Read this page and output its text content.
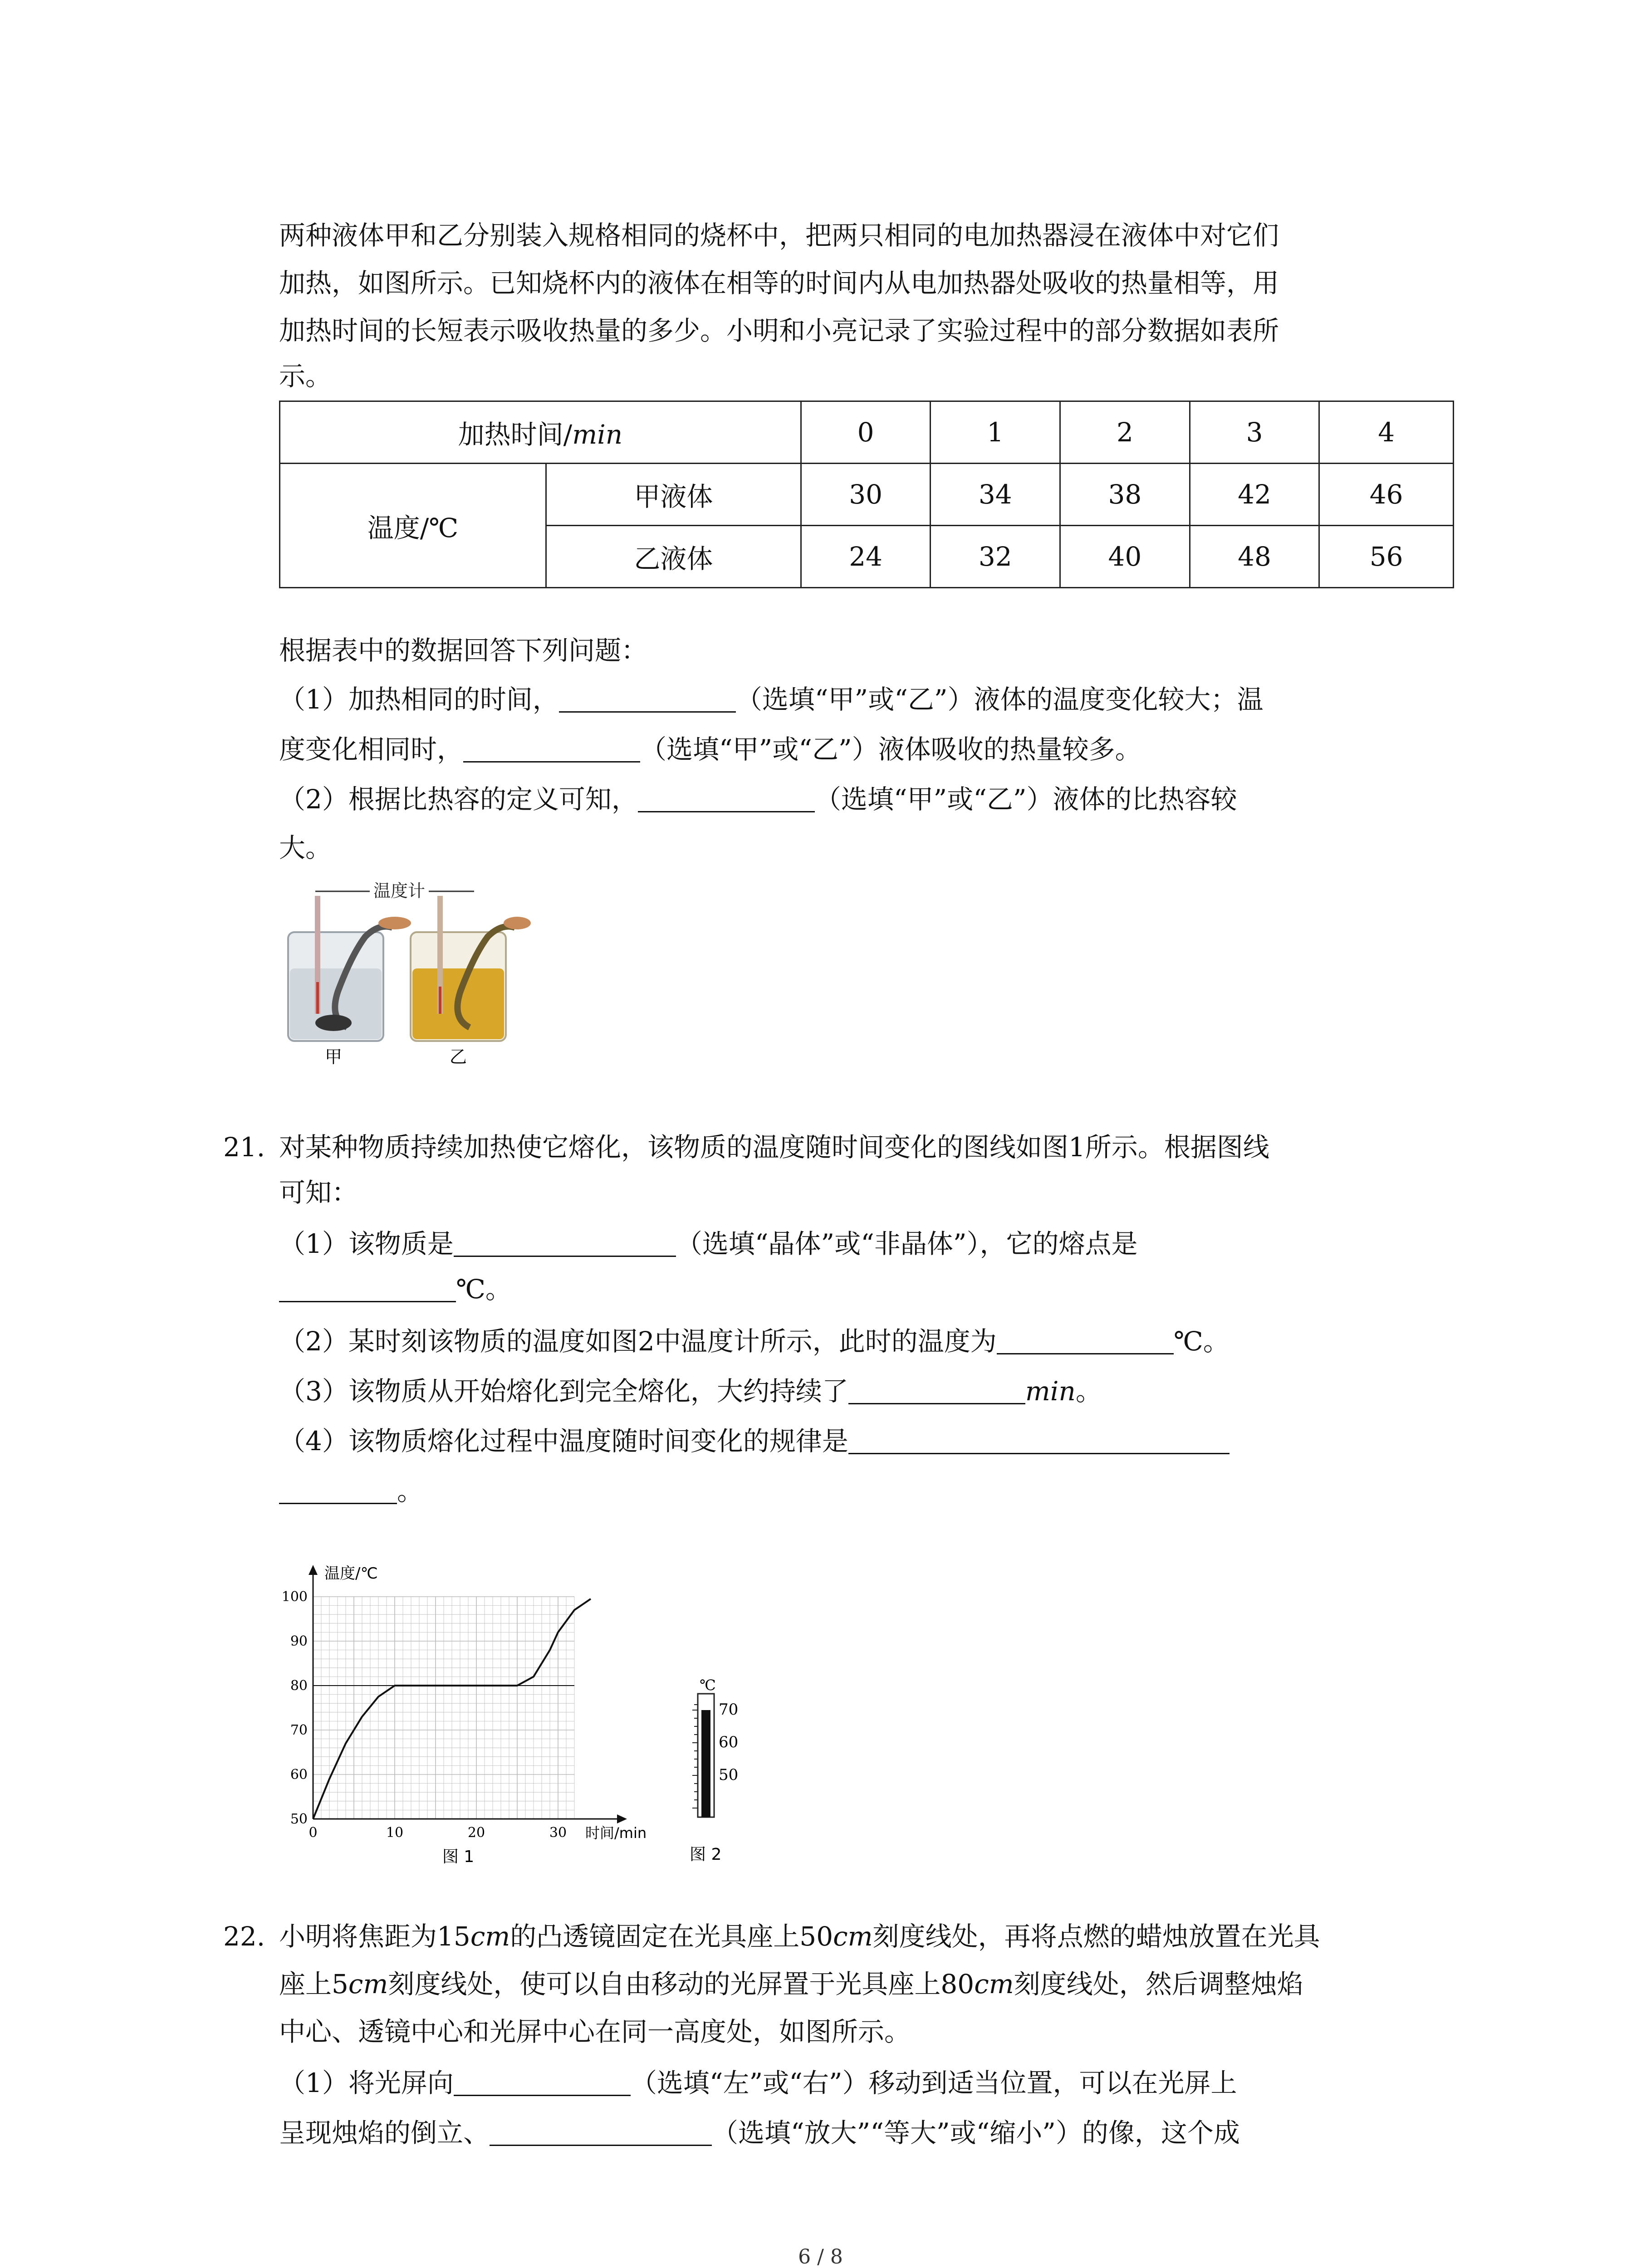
两种液体甲和乙分别装入规格相同的烧杯中，把两只相同的电加热器浸在液体中对它们
加热，如图所示。已知烧杯内的液体在相等的时间内从电加热器处吸收的热量相等，用
加热时间的长短表示吸收热量的多少。小明和小亮记录了实验过程中的部分数据如表所
示。
加热时间/min		0	1	2	3	4
温度/℃	甲液体	30	34	38	42	46
	乙液体	24	32	40	48	56
根据表中的数据回答下列问题：
（1）加热相同的时间，	（选填“甲”或“乙”）液体的温度变化较大；温
度变化相同时，	（选填“甲”或“乙”）液体吸收的热量较多。
（2）根据比热容的定义可知，	（选填“甲”或“乙”）液体的比热容较
大。
温度计
甲	乙
21. 对某种物质持续加热使它熔化，该物质的温度随时间变化的图线如图1所示。根据图线
可知：
（1）该物质是	（选填“晶体”或“非晶体”），它的熔点是
℃。
（2）某时刻该物质的温度如图2中温度计所示，此时的温度为	℃。
（3）该物质从开始熔化到完全熔化，大约持续了	min。
（4）该物质熔化过程中温度随时间变化的规律是
。
0	10	20	30
50
60
70
80
90
100
温度/℃
时间/min
图 1
℃
70
60
50
图 2
22. 小明将焦距为15cm的凸透镜固定在光具座上50cm刻度线处，再将点燃的蜡烛放置在光具
座上5cm刻度线处，使可以自由移动的光屏置于光具座上80cm刻度线处，然后调整烛焰
中心、透镜中心和光屏中心在同一高度处，如图所示。
（1）将光屏向	（选填“左”或“右”）移动到适当位置，可以在光屏上
呈现烛焰的倒立、	（选填“放大”“等大”或“缩小”）的像，这个成
6 / 8
